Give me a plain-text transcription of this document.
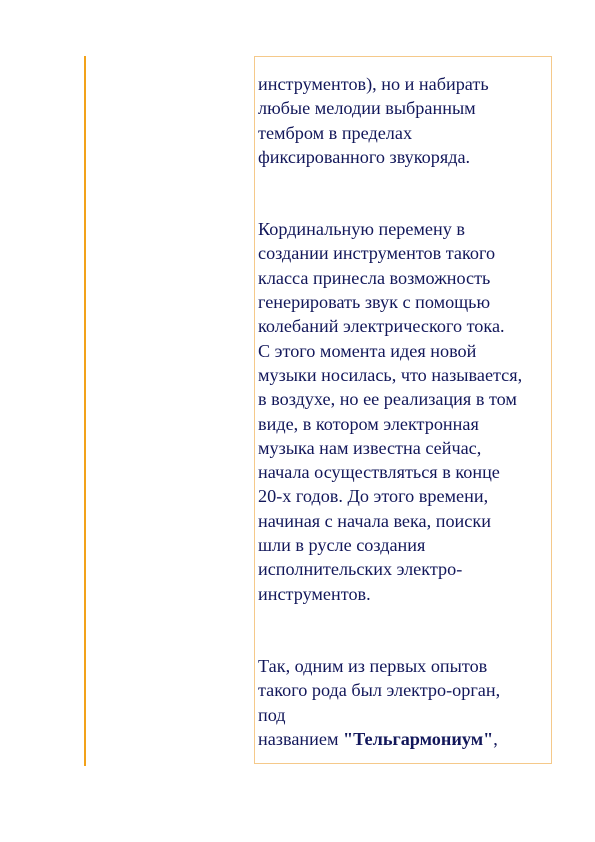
инструментов), но и набирать
любые мелодии выбранным
тембром в пределах
фиксированного звукоряда.

Кординальную перемену в
создании инструментов такого
класса принесла возможность
генерировать звук с помощью
колебаний электрического тока.
С этого момента идея новой
музыки носилась, что называется,
в воздухе, но ее реализация в том
виде, в котором электронная
музыка нам известна сейчас,
начала осуществляться в конце
20-х годов. До этого времени,
начиная с начала века, поиски
шли в русле создания
исполнительских электро-
инструментов.

Так, одним из первых опытов
такого рода был электро-орган,
под
названием "Тельгармониум",
